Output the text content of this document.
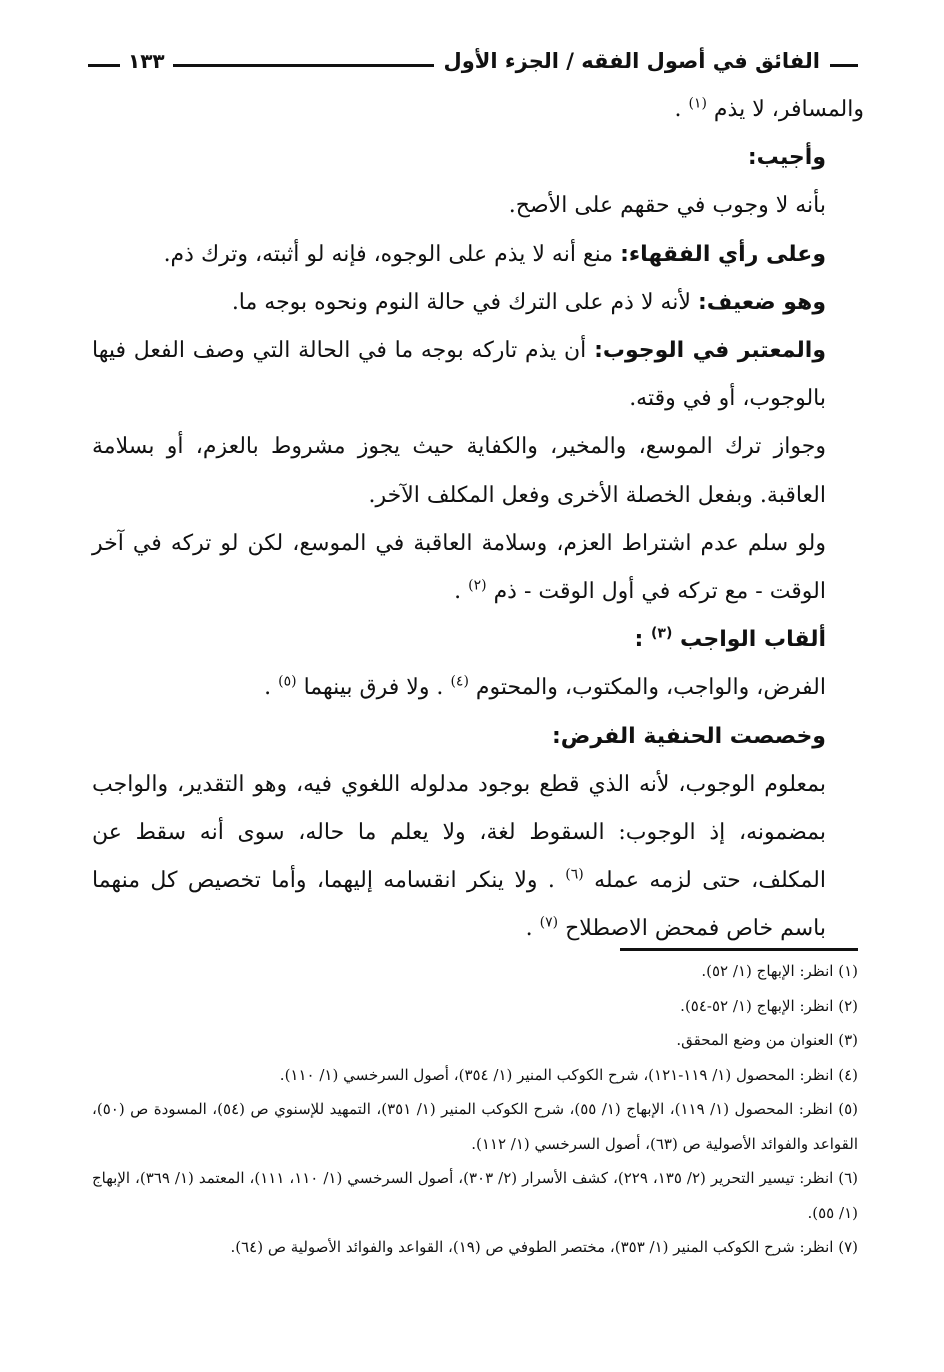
الفائق في أصول الفقه / الجزء الأول
١٣٣

والمسافر، لا يذم $^{(١)}$ .

وأجيب:

بأنه لا وجوب في حقهم على الأصح.

وعلى رأي الفقهاء: منع أنه لا يذم على الوجوه، فإنه لو أثبته، وترك ذم.

وهو ضعيف: لأنه لا ذم على الترك في حالة النوم ونحوه بوجه ما.

والمعتبر في الوجوب: أن يذم تاركه بوجه ما في الحالة التي وصف الفعل فيها بالوجوب، أو في وقته.

وجواز ترك الموسع، والمخير، والكفاية حيث يجوز مشروط بالعزم، أو بسلامة العاقبة. وبفعل الخصلة الأخرى وفعل المكلف الآخر.

ولو سلم عدم اشتراط العزم، وسلامة العاقبة في الموسع، لكن لو تركه في آخر الوقت - مع تركه في أول الوقت - ذم $^{(٢)}$ .

ألقاب الواجب $^{(٣)}$ :

الفرض، والواجب، والمكتوب، والمحتوم $^{(٤)}$ . ولا فرق بينهما $^{(٥)}$ .

وخصصت الحنفية الفرض:

بمعلوم الوجوب، لأنه الذي قطع بوجود مدلوله اللغوي فيه، وهو التقدير، والواجب بمضمونه، إذ الوجوب: السقوط لغة، ولا يعلم ما حاله، سوى أنه سقط عن المكلف، حتى لزمه عمله $^{(٦)}$ . ولا ينكر انقسامه إليهما، وأما تخصيص كل منهما باسم خاص فمحض الاصطلاح $^{(٧)}$ .

(١) انظر: الإبهاج (١/ ٥٢).

(٢) انظر: الإبهاج (١/ ٥٢-٥٤).

(٣) العنوان من وضع المحقق.

(٤) انظر: المحصول (١/ ١١٩-١٢١)، شرح الكوكب المنير (١/ ٣٥٤)، أصول السرخسي (١/ ١١٠).

(٥) انظر: المحصول (١/ ١١٩)، الإبهاج (١/ ٥٥)، شرح الكوكب المنير (١/ ٣٥١)، التمهيد للإسنوي ص (٥٤)، المسودة ص (٥٠)، القواعد والفوائد الأصولية ص (٦٣)، أصول السرخسي (١/ ١١٢).

(٦) انظر: تيسير التحرير (٢/ ١٣٥، ٢٢٩)، كشف الأسرار (٢/ ٣٠٣)، أصول السرخسي (١/ ١١٠، ١١١)، المعتمد (١/ ٣٦٩)، الإبهاج (١/ ٥٥).

(٧) انظر: شرح الكوكب المنير (١/ ٣٥٣)، مختصر الطوفي ص (١٩)، القواعد والفوائد الأصولية ص (٦٤).
